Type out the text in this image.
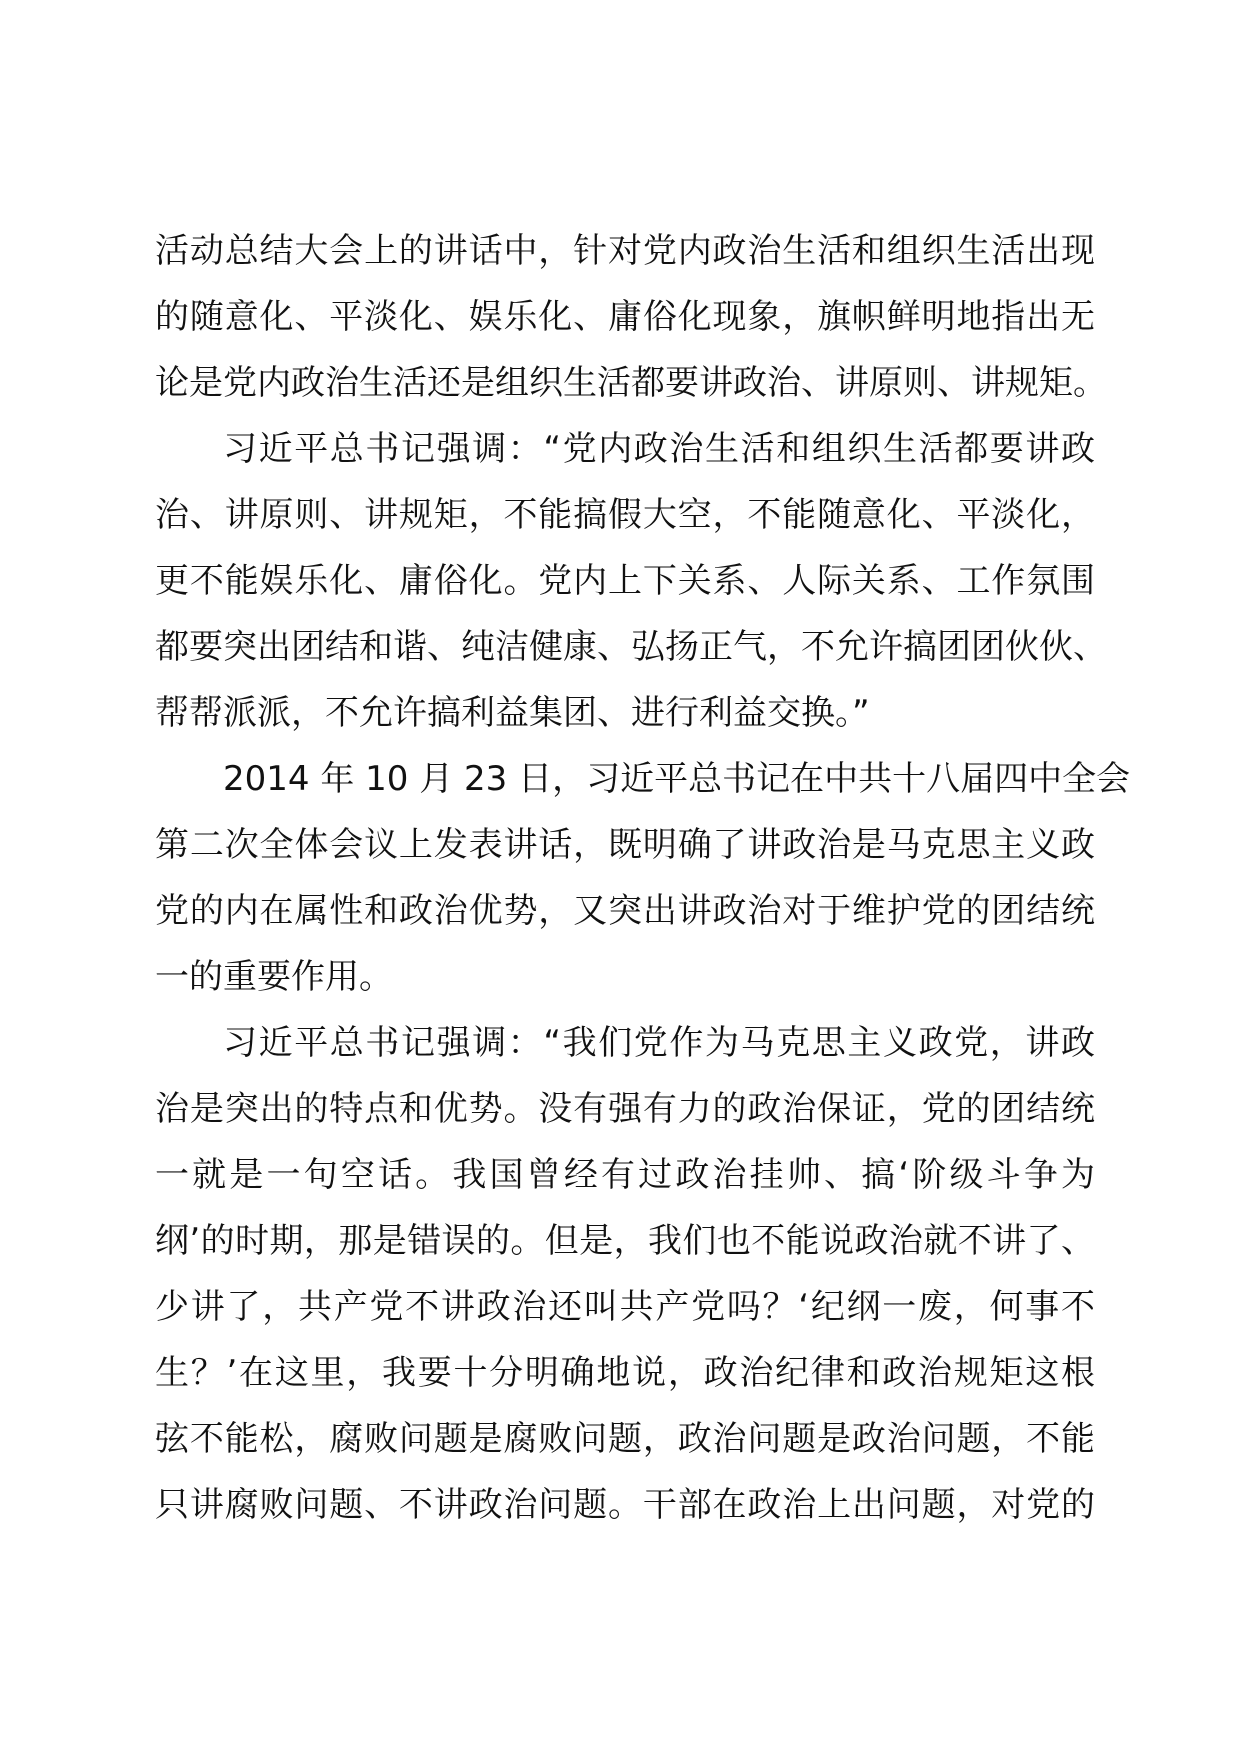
活动总结大会上的讲话中，针对党内政治生活和组织生活出现
的随意化、平淡化、娱乐化、庸俗化现象，旗帜鲜明地指出无
论是党内政治生活还是组织生活都要讲政治、讲原则、讲规矩。
习近平总书记强调：“党内政治生活和组织生活都要讲政
治、讲原则、讲规矩，不能搞假大空，不能随意化、平淡化，
更不能娱乐化、庸俗化。党内上下关系、人际关系、工作氛围
都要突出团结和谐、纯洁健康、弘扬正气，不允许搞团团伙伙、
帮帮派派，不允许搞利益集团、进行利益交换。”
2014 年 10 月 23 日，习近平总书记在中共十八届四中全会
第二次全体会议上发表讲话，既明确了讲政治是马克思主义政
党的内在属性和政治优势，又突出讲政治对于维护党的团结统
一的重要作用。
习近平总书记强调：“我们党作为马克思主义政党，讲政
治是突出的特点和优势。没有强有力的政治保证，党的团结统
一就是一句空话。我国曾经有过政治挂帅、搞‘阶级斗争为
纲’的时期，那是错误的。但是，我们也不能说政治就不讲了、
少讲了，共产党不讲政治还叫共产党吗？‘纪纲一废，何事不
生？’在这里，我要十分明确地说，政治纪律和政治规矩这根
弦不能松，腐败问题是腐败问题，政治问题是政治问题，不能
只讲腐败问题、不讲政治问题。干部在政治上出问题，对党的
